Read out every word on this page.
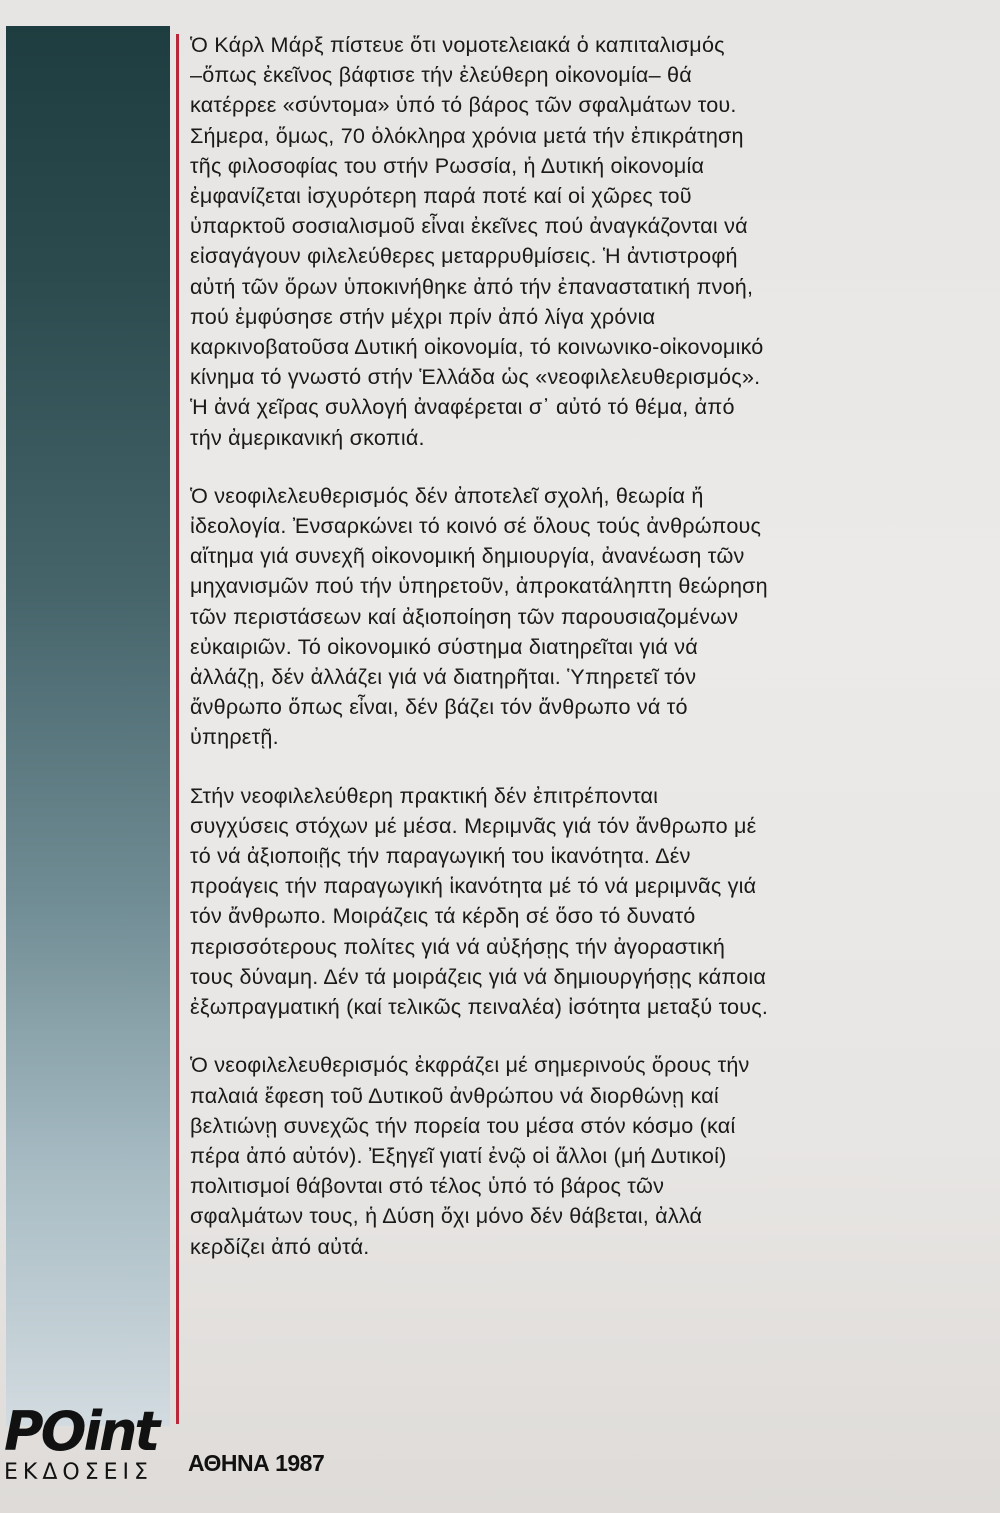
Ὁ Κάρλ Μάρξ πίστευε ὅτι νομοτελειακά ὁ καπιταλισμός
–ὅπως ἐκεῖνος βάφτισε τήν ἐλεύθερη οἰκονομία– θά
κατέρρεε «σύντομα» ὑπό τό βάρος τῶν σφαλμάτων του.
Σήμερα, ὅμως, 70 ὁλόκληρα χρόνια μετά τήν ἐπικράτηση
τῆς φιλοσοφίας του στήν Ρωσσία, ἡ Δυτική οἰκονομία
ἐμφανίζεται ἰσχυρότερη παρά ποτέ καί οἱ χῶρες τοῦ
ὑπαρκτοῦ σοσιαλισμοῦ εἶναι ἐκεῖνες πού ἀναγκάζονται νά
εἰσαγάγουν φιλελεύθερες μεταρρυθμίσεις. Ἡ ἀντιστροφή
αὐτή τῶν ὅρων ὑποκινήθηκε ἀπό τήν ἐπαναστατική πνοή,
πού ἐμφύσησε στήν μέχρι πρίν ἀπό λίγα χρόνια
καρκινοβατοῦσα Δυτική οἰκονομία, τό κοινωνικο-οἰκονομικό
κίνημα τό γνωστό στήν Ἑλλάδα ὡς «νεοφιλελευθερισμός».
Ἡ ἀνά χεῖρας συλλογή ἀναφέρεται σ᾽ αὐτό τό θέμα, ἀπό
τήν ἀμερικανική σκοπιά.

Ὁ νεοφιλελευθερισμός δέν ἀποτελεῖ σχολή, θεωρία ἤ
ἰδεολογία. Ἐνσαρκώνει τό κοινό σέ ὅλους τούς ἀνθρώπους
αἴτημα γιά συνεχῆ οἰκονομική δημιουργία, ἀνανέωση τῶν
μηχανισμῶν πού τήν ὑπηρετοῦν, ἀπροκατάληπτη θεώρηση
τῶν περιστάσεων καί ἀξιοποίηση τῶν παρουσιαζομένων
εὐκαιριῶν. Τό οἰκονομικό σύστημα διατηρεῖται γιά νά
ἀλλάζῃ, δέν ἀλλάζει γιά νά διατηρῆται. Ὑπηρετεῖ τόν
ἄνθρωπο ὅπως εἶναι, δέν βάζει τόν ἄνθρωπο νά τό
ὑπηρετῇ.

Στήν νεοφιλελεύθερη πρακτική δέν ἐπιτρέπονται
συγχύσεις στόχων μέ μέσα. Μεριμνᾶς γιά τόν ἄνθρωπο μέ
τό νά ἀξιοποιῇς τήν παραγωγική του ἱκανότητα. Δέν
προάγεις τήν παραγωγική ἱκανότητα μέ τό νά μεριμνᾶς γιά
τόν ἄνθρωπο. Μοιράζεις τά κέρδη σέ ὅσο τό δυνατό
περισσότερους πολίτες γιά νά αὐξήσῃς τήν ἀγοραστική
τους δύναμη. Δέν τά μοιράζεις γιά νά δημιουργήσῃς κάποια
ἐξωπραγματική (καί τελικῶς πειναλέα) ἰσότητα μεταξύ τους.

Ὁ νεοφιλελευθερισμός ἐκφράζει μέ σημερινούς ὅρους τήν
παλαιά ἔφεση τοῦ Δυτικοῦ ἀνθρώπου νά διορθώνῃ καί
βελτιώνῃ συνεχῶς τήν πορεία του μέσα στόν κόσμο (καί
πέρα ἀπό αὐτόν). Ἐξηγεῖ γιατί ἐνῷ οἱ ἄλλοι (μή Δυτικοί)
πολιτισμοί θάβονται στό τέλος ὑπό τό βάρος τῶν
σφαλμάτων τους, ἡ Δύση ὄχι μόνο δέν θάβεται, ἀλλά
κερδίζει ἀπό αὐτά.

POint
ΕΚΔΟΣΕΙΣ	ΑΘΗΝΑ 1987
